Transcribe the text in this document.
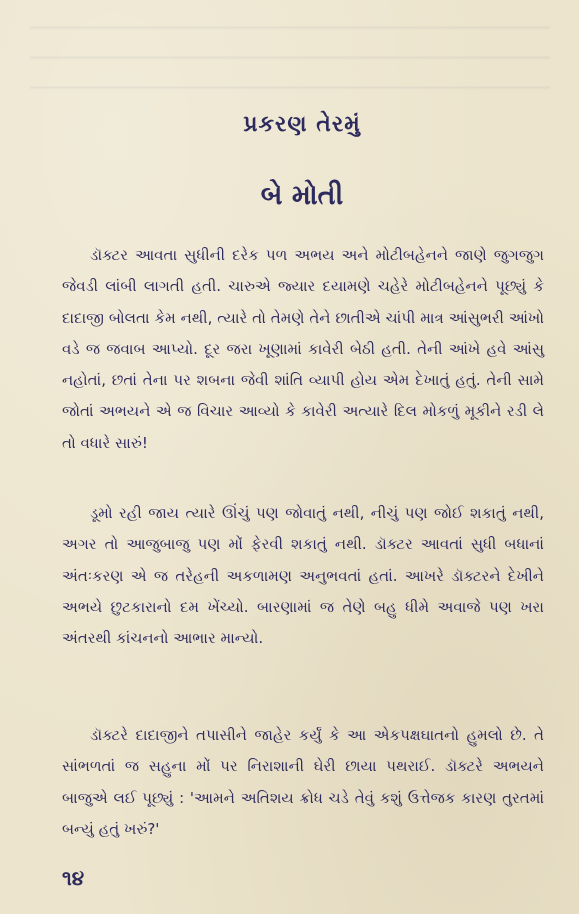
પ્રકરણ તેરમું
બે મોતી

ડૉક્ટર આવતા સુધીની દરેક પળ અભય અને મોટીબહેનને જાણે જુગજુગ જેવડી લાંબી લાગતી હતી. ચારુએ જ્યાર દયામણે ચહેરે મોટીબહેનને પૂછ્યું કે દાદાજી બોલતા કેમ નથી, ત્યારે તો તેમણે તેને છાતીએ ચાંપી માત્ર આંસુભરી આંખો વડે જ જવાબ આપ્યો. દૂર જરા ખૂણામાં કાવેરી બેઠી હતી. તેની આંખે હવે આંસુ નહોતાં, છતાં તેના પર શબના જેવી શાંતિ વ્યાપી હોય એમ દેખાતું હતું. તેની સામે જોતાં અભયને એ જ વિચાર આવ્યો કે કાવેરી અત્યારે દિલ મોકળું મૂકીને રડી લે તો વધારે સારું!

ડૂમો રહી જાય ત્યારે ઊંચું પણ જોવાતું નથી, નીચું પણ જોઈ શકાતું નથી, અગર તો આજુબાજુ પણ મોં ફેરવી શકાતું નથી. ડૉક્ટર આવતાં સુધી બધાનાં અંતઃકરણ એ જ તરેહની અકળામણ અનુભવતાં હતાં. આખરે ડૉક્ટરને દેખીને અભયે છુટકારાનો દમ ખેંચ્યો. બારણામાં જ તેણે બહુ ધીમે અવાજે પણ ખરા અંતરથી કાંચનનો આભાર માન્યો.

ડૉક્ટરે દાદાજીને તપાસીને જાહેર કર્યું કે આ એકપક્ષઘાતનો હુમલો છે. તે સાંભળતાં જ સહુના મોં પર નિરાશાની ઘેરી છાયા પથરાઈ. ડૉક્ટરે અભયને બાજુએ લઈ પૂછ્યું : 'આમને અતિશય ક્રોધ ચડે તેવું કશું ઉત્તેજક કારણ તુરતમાં બન્યું હતું ખરું?'

૧૪
